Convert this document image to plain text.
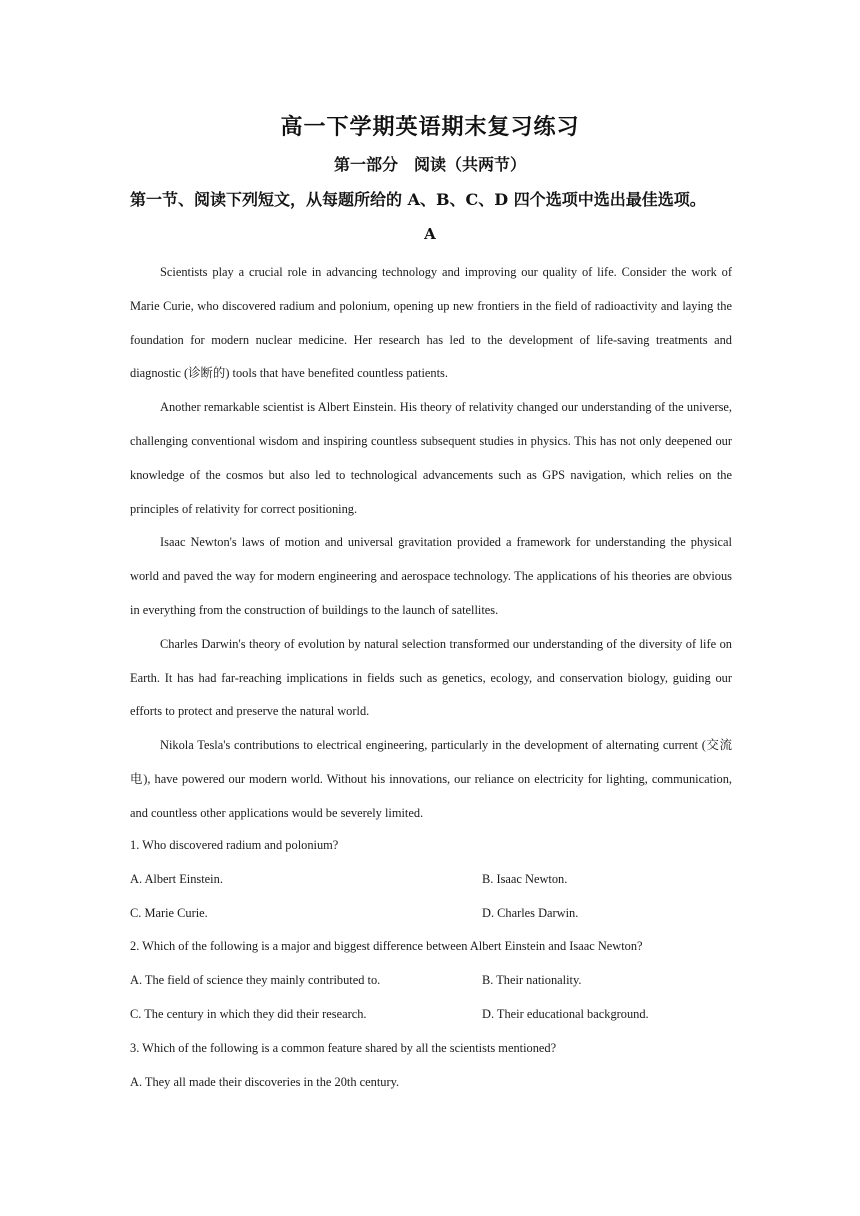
高一下学期英语期末复习练习
第一部分　阅读（共两节）
第一节、阅读下列短文，从每题所给的 A、B、C、D 四个选项中选出最佳选项。
A

Scientists play a crucial role in advancing technology and improving our quality of life. Consider the work of Marie Curie, who discovered radium and polonium, opening up new frontiers in the field of radioactivity and laying the foundation for modern nuclear medicine. Her research has led to the development of life-saving treatments and diagnostic (诊断的) tools that have benefited countless patients.

Another remarkable scientist is Albert Einstein. His theory of relativity changed our understanding of the universe, challenging conventional wisdom and inspiring countless subsequent studies in physics. This has not only deepened our knowledge of the cosmos but also led to technological advancements such as GPS navigation, which relies on the principles of relativity for correct positioning.

Isaac Newton's laws of motion and universal gravitation provided a framework for understanding the physical world and paved the way for modern engineering and aerospace technology. The applications of his theories are obvious in everything from the construction of buildings to the launch of satellites.

Charles Darwin's theory of evolution by natural selection transformed our understanding of the diversity of life on Earth. It has had far-reaching implications in fields such as genetics, ecology, and conservation biology, guiding our efforts to protect and preserve the natural world.

Nikola Tesla's contributions to electrical engineering, particularly in the development of alternating current (交流电), have powered our modern world. Without his innovations, our reliance on electricity for lighting, communication, and countless other applications would be severely limited.

1. Who discovered radium and polonium?

A. Albert Einstein.	B. Isaac Newton.
C. Marie Curie.	D. Charles Darwin.

2. Which of the following is a major and biggest difference between Albert Einstein and Isaac Newton?

A. The field of science they mainly contributed to.	B. Their nationality.
C. The century in which they did their research.	D. Their educational background.

3. Which of the following is a common feature shared by all the scientists mentioned?

A. They all made their discoveries in the 20th century.
